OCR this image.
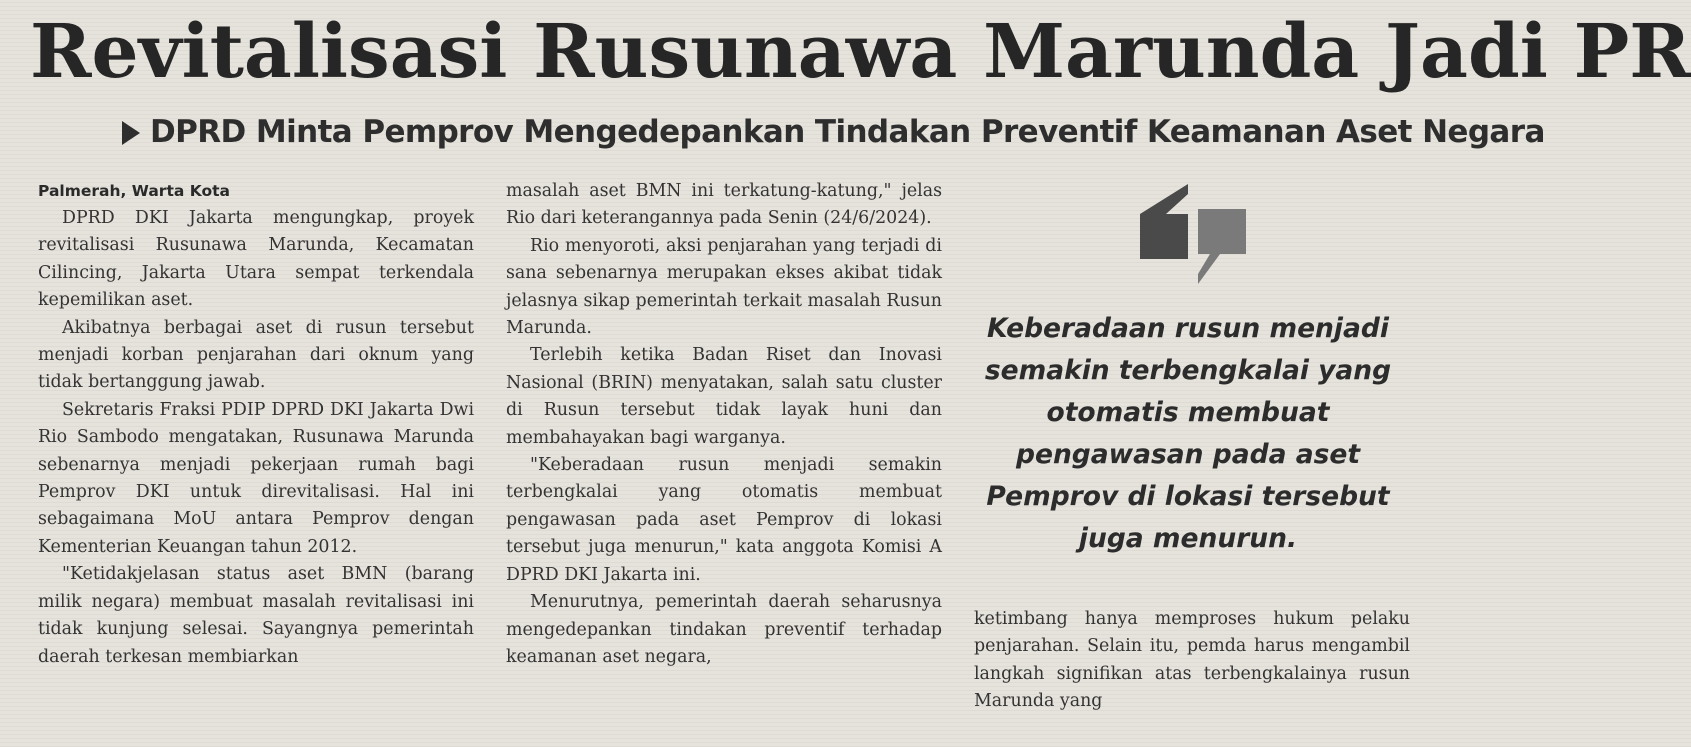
Revitalisasi Rusunawa Marunda Jadi PR
DPRD Minta Pemprov Mengedepankan Tindakan Preventif Keamanan Aset Negara
Palmerah, Warta Kota

DPRD DKI Jakarta mengungkap, proyek revitalisasi Rusunawa Marunda, Kecamatan Cilincing, Jakarta Utara sempat terkendala kepemilikan aset.

Akibatnya berbagai aset di rusun tersebut menjadi korban penjarahan dari oknum yang tidak bertanggung jawab.

Sekretaris Fraksi PDIP DPRD DKI Jakarta Dwi Rio Sambodo mengatakan, Rusunawa Marunda sebenarnya menjadi pekerjaan rumah bagi Pemprov DKI untuk direvitalisasi. Hal ini sebagaimana MoU antara Pemprov dengan Kementerian Keuangan tahun 2012.

"Ketidakjelasan status aset BMN (barang milik negara) membuat masalah revitalisasi ini tidak kunjung selesai. Sayangnya pemerintah daerah terkesan membiarkan

masalah aset BMN ini terkatung-katung," jelas Rio dari keterangannya pada Senin (24/6/2024).

Rio menyoroti, aksi penjarahan yang terjadi di sana sebenarnya merupakan ekses akibat tidak jelasnya sikap pemerintah terkait masalah Rusun Marunda.

Terlebih ketika Badan Riset dan Inovasi Nasional (BRIN) menyatakan, salah satu cluster di Rusun tersebut tidak layak huni dan membahayakan bagi warganya.

"Keberadaan rusun menjadi semakin terbengkalai yang otomatis membuat pengawasan pada aset Pemprov di lokasi tersebut juga menurun," kata anggota Komisi A DPRD DKI Jakarta ini.

Menurutnya, pemerintah daerah seharusnya mengedepankan tindakan preventif terhadap keamanan aset negara,

Keberadaan rusun menjadi semakin terbengkalai yang otomatis membuat pengawasan pada aset Pemprov di lokasi tersebut juga menurun.

ketimbang hanya memproses hukum pelaku penjarahan. Selain itu, pemda harus mengambil langkah signifikan atas terbengkalainya rusun Marunda yang
